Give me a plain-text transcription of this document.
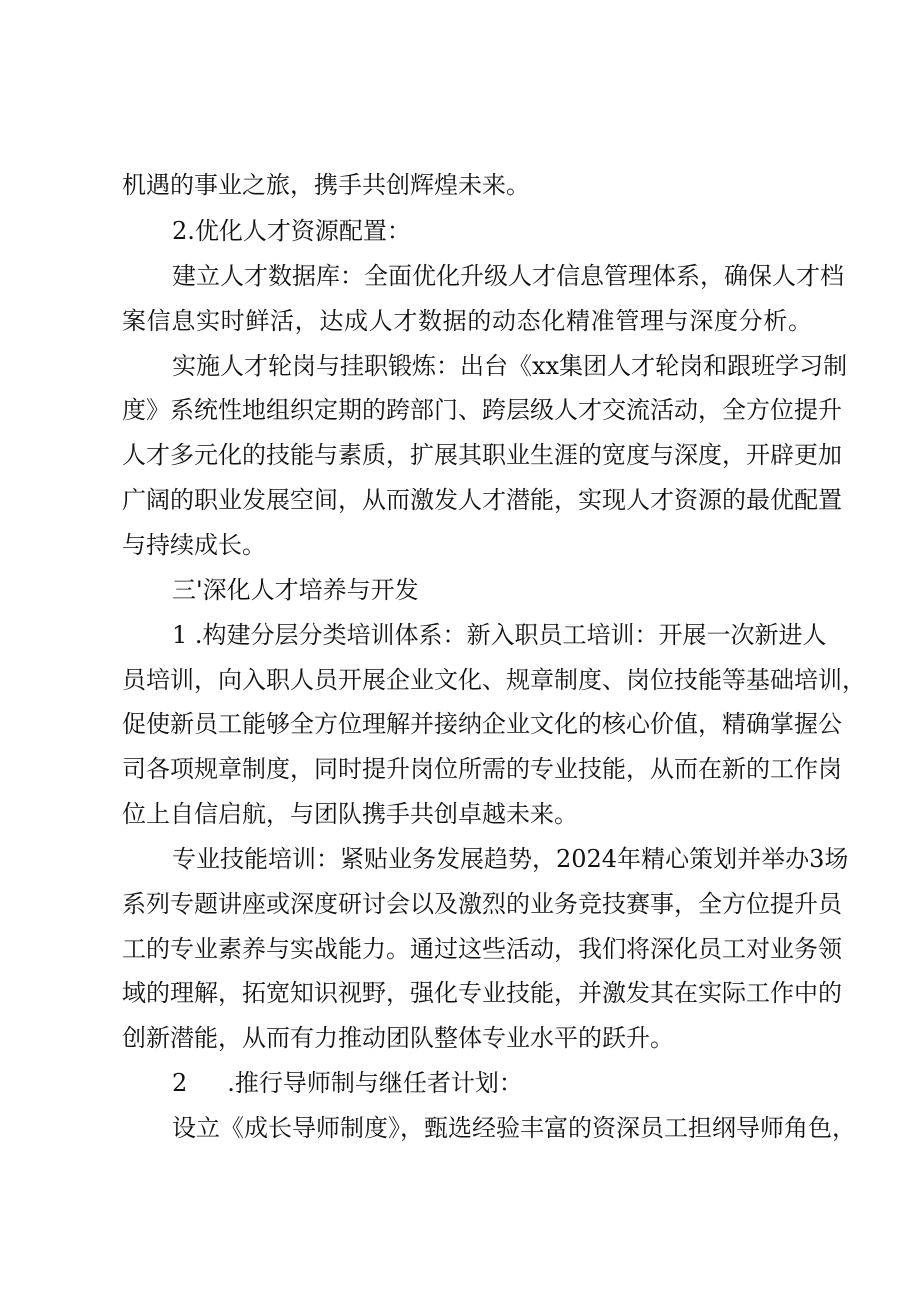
机遇的事业之旅，携手共创辉煌未来。
2.优化人才资源配置：
建立人才数据库：全面优化升级人才信息管理体系，确保人才档
案信息实时鲜活，达成人才数据的动态化精准管理与深度分析。
实施人才轮岗与挂职锻炼：出台《xx集团人才轮岗和跟班学习制
度》系统性地组织定期的跨部门、跨层级人才交流活动，全方位提升
人才多元化的技能与素质，扩展其职业生涯的宽度与深度，开辟更加
广阔的职业发展空间，从而激发人才潜能，实现人才资源的最优配置
与持续成长。
三'深化人才培养与开发
1 .构建分层分类培训体系：新入职员工培训：开展一次新进人
员培训，向入职人员开展企业文化、规章制度、岗位技能等基础培训，
促使新员工能够全方位理解并接纳企业文化的核心价值，精确掌握公
司各项规章制度，同时提升岗位所需的专业技能，从而在新的工作岗
位上自信启航，与团队携手共创卓越未来。
专业技能培训：紧贴业务发展趋势，2024年精心策划并举办3场
系列专题讲座或深度研讨会以及激烈的业务竞技赛事，全方位提升员
工的专业素养与实战能力。通过这些活动，我们将深化员工对业务领
域的理解，拓宽知识视野，强化专业技能，并激发其在实际工作中的
创新潜能，从而有力推动团队整体专业水平的跃升。
2 .推行导师制与继任者计划：
设立《成长导师制度》，甄选经验丰富的资深员工担纲导师角色，
